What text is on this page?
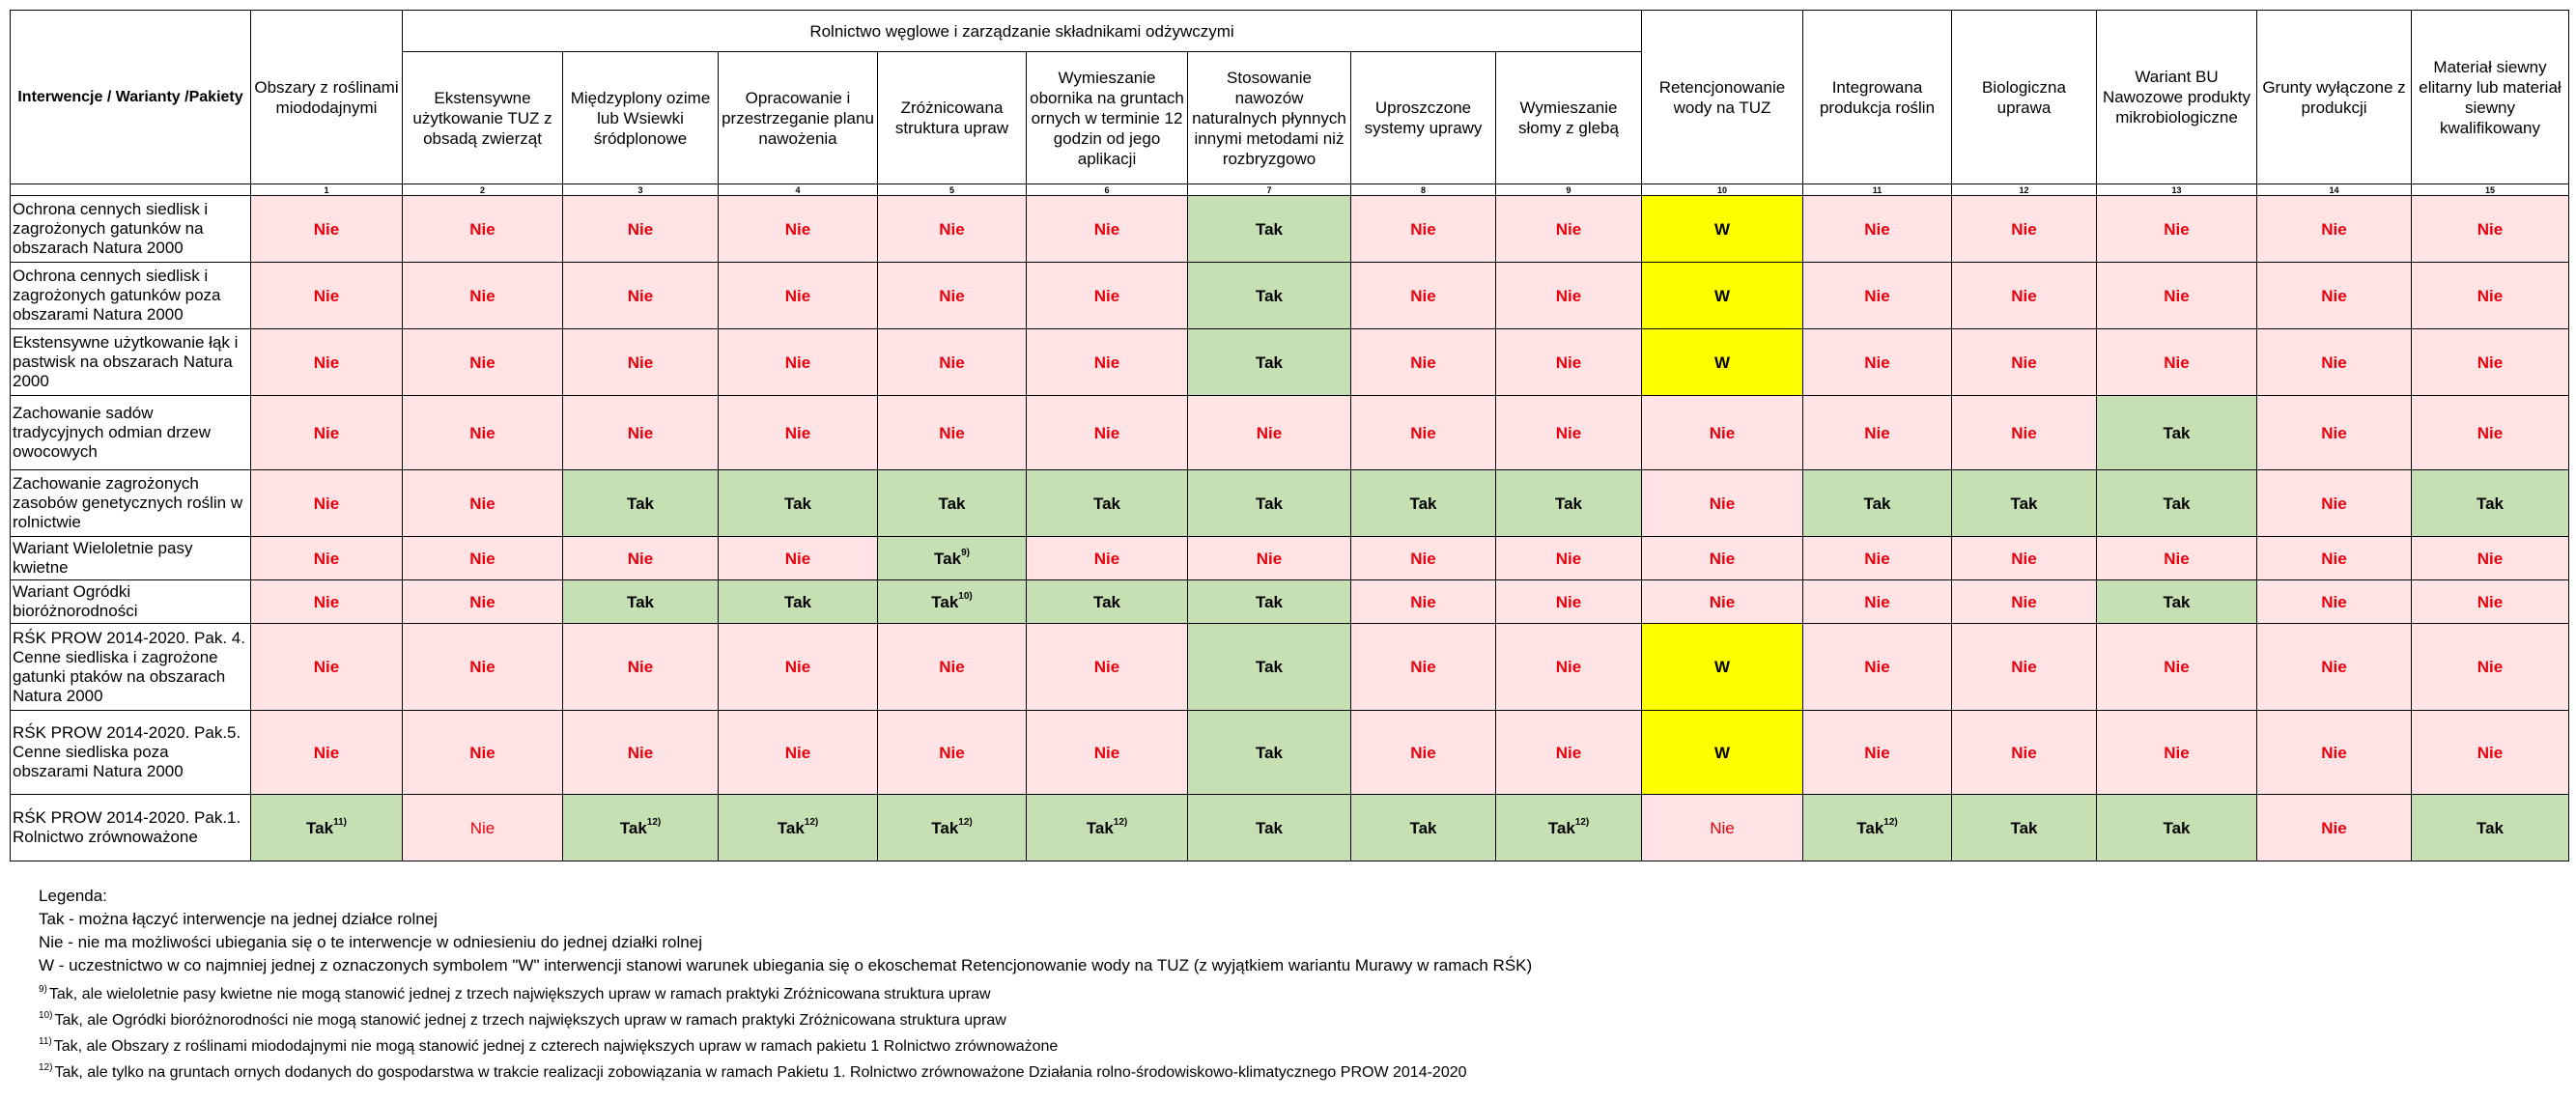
Interwencje / Warianty /Pakiety	Obszary z roślinami miododajnymi	Rolnictwo węglowe i zarządzanie składnikami odżywczymi								Retencjonowanie wody na TUZ	Integrowana produkcja roślin	Biologiczna uprawa	Wariant BU Nawozowe produkty mikrobiologiczne	Grunty wyłączone z produkcji	Materiał siewny elitarny lub materiał siewny kwalifikowany
		Ekstensywne użytkowanie TUZ z obsadą zwierząt	Międzyplony ozime lub Wsiewki śródplonowe	Opracowanie i przestrzeganie planu nawożenia	Zróżnicowana struktura upraw	Wymieszanie obornika na gruntach ornych w terminie 12 godzin od jego aplikacji	Stosowanie nawozów naturalnych płynnych innymi metodami niż rozbryzgowo	Uproszczone systemy uprawy	Wymieszanie słomy z glebą						
	1	2	3	4	5	6	7	8	9	10	11	12	13	14	15
Ochrona cennych siedlisk i zagrożonych gatunków na obszarach Natura 2000	Nie	Nie	Nie	Nie	Nie	Nie	Tak	Nie	Nie	W	Nie	Nie	Nie	Nie	Nie
Ochrona cennych siedlisk i zagrożonych gatunków poza obszarami Natura 2000	Nie	Nie	Nie	Nie	Nie	Nie	Tak	Nie	Nie	W	Nie	Nie	Nie	Nie	Nie
Ekstensywne użytkowanie łąk i pastwisk na obszarach Natura 2000	Nie	Nie	Nie	Nie	Nie	Nie	Tak	Nie	Nie	W	Nie	Nie	Nie	Nie	Nie
Zachowanie sadów tradycyjnych odmian drzew owocowych	Nie	Nie	Nie	Nie	Nie	Nie	Nie	Nie	Nie	Nie	Nie	Nie	Tak	Nie	Nie
Zachowanie zagrożonych zasobów genetycznych roślin w rolnictwie	Nie	Nie	Tak	Tak	Tak	Tak	Tak	Tak	Tak	Nie	Tak	Tak	Tak	Nie	Tak
Wariant Wieloletnie pasy kwietne	Nie	Nie	Nie	Nie	Tak$^{9)}$	Nie	Nie	Nie	Nie	Nie	Nie	Nie	Nie	Nie	Nie
Wariant Ogródki bioróżnorodności	Nie	Nie	Tak	Tak	Tak$^{10)}$	Tak	Tak	Nie	Nie	Nie	Nie	Nie	Tak	Nie	Nie
RŚK PROW 2014-2020. Pak. 4. Cenne siedliska i zagrożone gatunki ptaków na obszarach Natura 2000	Nie	Nie	Nie	Nie	Nie	Nie	Tak	Nie	Nie	W	Nie	Nie	Nie	Nie	Nie
RŚK PROW 2014-2020. Pak.5. Cenne siedliska poza obszarami Natura 2000	Nie	Nie	Nie	Nie	Nie	Nie	Tak	Nie	Nie	W	Nie	Nie	Nie	Nie	Nie
RŚK PROW 2014-2020. Pak.1. Rolnictwo zrównoważone	Tak$^{11)}$	Nie	Tak$^{12)}$	Tak$^{12)}$	Tak$^{12)}$	Tak$^{12)}$	Tak	Tak	Tak$^{12)}$	Nie	Tak$^{12)}$	Tak	Tak	Nie	Tak
Legenda:
Tak - można łączyć interwencje na jednej działce rolnej
Nie - nie ma możliwości ubiegania się o te interwencje w odniesieniu do jednej działki rolnej
W - uczestnictwo w co najmniej jednej z oznaczonych symbolem "W" interwencji stanowi warunek ubiegania się o ekoschemat Retencjonowanie wody na TUZ (z wyjątkiem wariantu Murawy w ramach RŚK)
$^{9)}$ Tak, ale wieloletnie pasy kwietne nie mogą stanowić jednej z trzech największych upraw w ramach praktyki Zróżnicowana struktura upraw
$^{10)}$ Tak, ale Ogródki bioróżnorodności nie mogą stanowić jednej z trzech największych upraw w ramach praktyki Zróżnicowana struktura upraw
$^{11)}$ Tak, ale Obszary z roślinami miododajnymi nie mogą stanowić jednej z czterech największych upraw w ramach pakietu 1 Rolnictwo zrównoważone
$^{12)}$ Tak, ale tylko na gruntach ornych dodanych do gospodarstwa w trakcie realizacji zobowiązania w ramach Pakietu 1. Rolnictwo zrównoważone Działania rolno-środowiskowo-klimatycznego PROW 2014-2020
